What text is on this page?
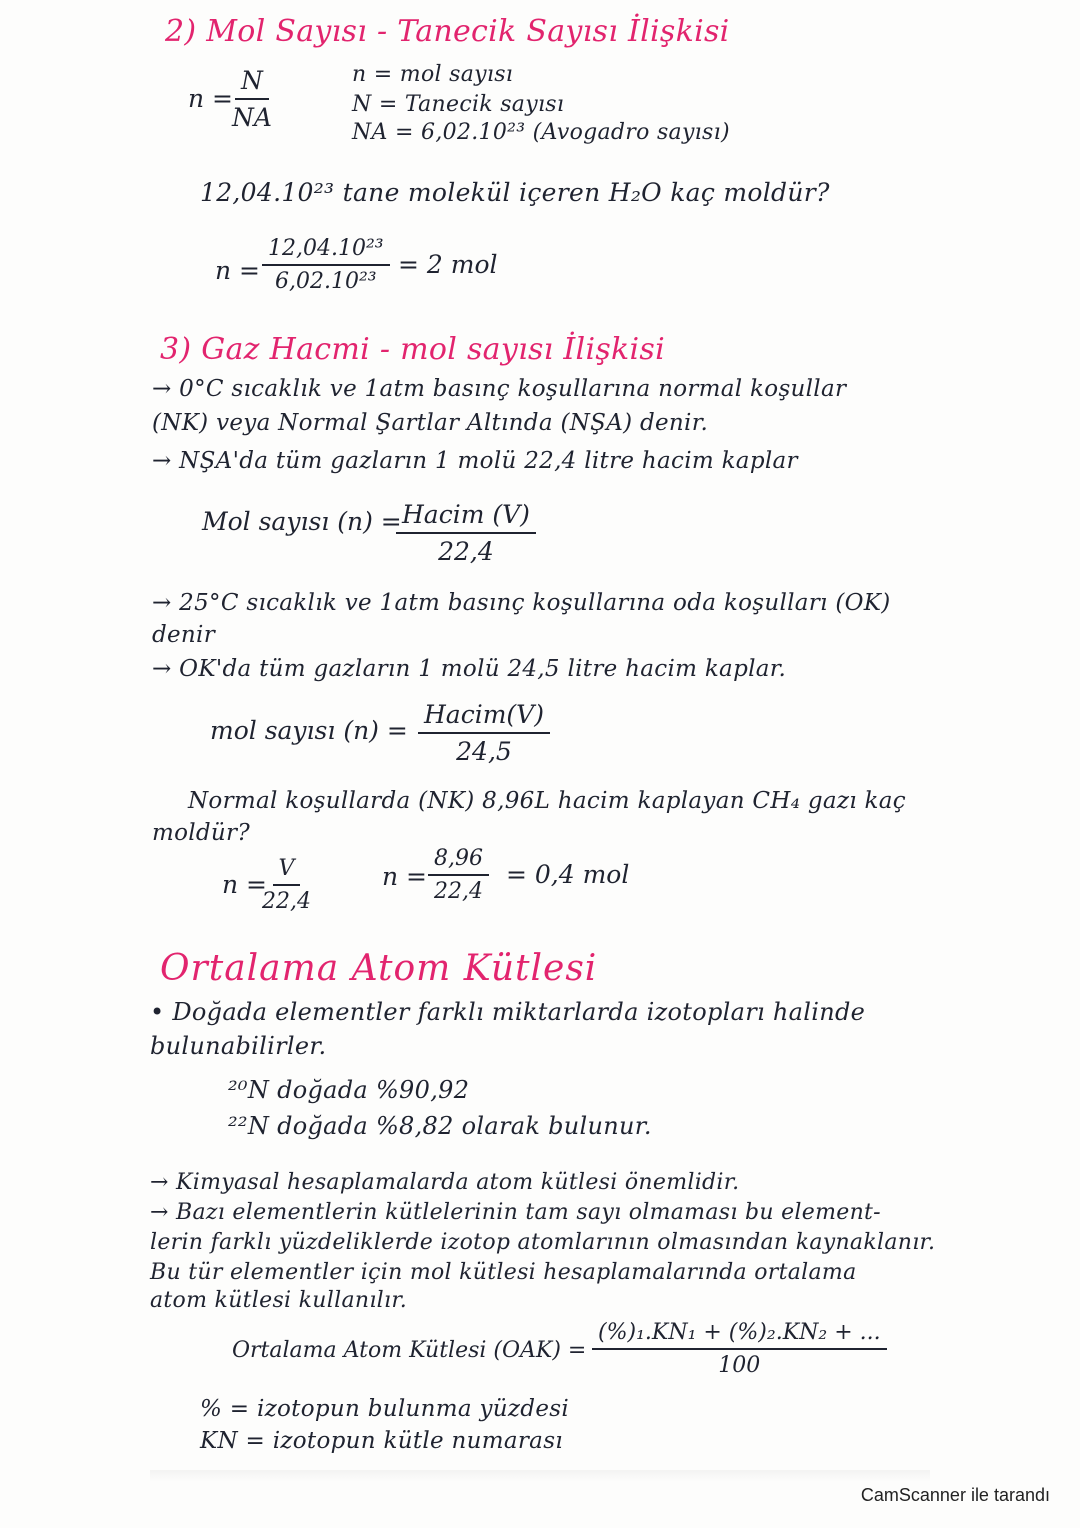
2) Mol Sayısı - Tanecik Sayısı İlişkisi
$n = \frac{N}{NA}$	n = mol sayısı
N = Tanecik sayısı
NA = 6,02.10²³ (Avogadro sayısı)
12,04.10²³ tane molekül içeren H₂O kaç moldür?
$n = \frac{\text{12,04.10²³}}{\text{6,02.10²³}} = 2$ mol
3) Gaz Hacmi - mol sayısı İlişkisi
→ 0°C sıcaklık ve 1atm basınç koşullarına normal koşullar
(NK) veya Normal Şartlar Altında (NŞA) denir.
→ NŞA'da tüm gazların 1 molü 22,4 litre hacim kaplar
Mol sayısı (n) = Hacim (V)
22,4
→ 25°C sıcaklık ve 1atm basınç koşullarına oda koşulları (OK)
denir
→ OK'da tüm gazların 1 molü 24,5 litre hacim kaplar.
mol sayısı (n) =
Hacim(V)
24,5
Normal koşullarda (NK) 8,96L hacim kaplayan CH₄ gazı kaç
moldür?
n =
$\frac{V}{22,4}$	$n = \frac{8,96}{22,4} = 0,4$ mol
Ortalama Atom Kütlesi
• Doğada elementler farklı miktarlarda izotopları halinde
bulunabilirler.
²⁰N doğada %90,92
²²N doğada %8,82 olarak bulunur.
→ Kimyasal hesaplamalarda atom kütlesi önemlidir.
→ Bazı elementlerin kütlelerinin tam sayı olmaması bu element-
lerin farklı yüzdeliklerde izotop atomlarının olmasından kaynaklanır.
Bu tür elementler için mol kütlesi hesaplamalarında ortalama
atom kütlesi kullanılır.
Ortalama Atom Kütlesi $(OAK) = \frac{\text{(\%)₁.KN₁ + (\%)₂.KN₂ + ...}}{100}$
% = izotopun bulunma yüzdesi
KN = izotopun kütle numarası
CamScanner ile tarandı
